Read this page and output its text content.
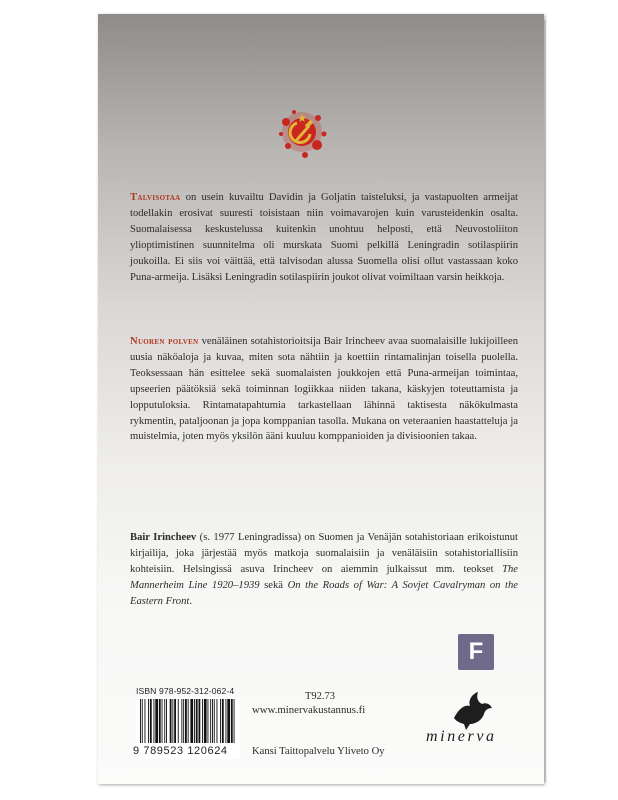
Talvisotaa on usein kuvailtu Davidin ja Goljatin taisteluksi, ja vastapuolten armeijat todellakin erosivat suuresti toisistaan niin voimavarojen kuin varusteidenkin osalta. Suomalaisessa keskustelussa kuitenkin unohtuu helposti, että Neuvostoliiton ylioptimistinen suunnitelma oli murskata Suomi pelkillä Leningradin sotilaspiirin joukoilla. Ei siis voi väittää, että talvisodan alussa Suomella olisi ollut vastassaan koko Puna-armeija. Lisäksi Leningradin sotilaspiirin joukot olivat voimiltaan varsin heikkoja.

Nuoren polven venäläinen sotahistorioitsija Bair Irincheev avaa suomalaisille lukijoilleen uusia näköaloja ja kuvaa, miten sota nähtiin ja koettiin rintamalinjan toisella puolella. Teoksessaan hän esittelee sekä suomalaisten joukkojen että Puna-armeijan toimintaa, upseerien päätöksiä sekä toiminnan logiikkaa niiden takana, käskyjen toteuttamista ja lopputuloksia. Rintamatapahtumia tarkastellaan lähinnä taktisesta näkökulmasta rykmentin, pataljoonan ja jopa komppanian tasolla. Mukana on veteraanien haastatteluja ja muistelmia, joten myös yksilön ääni kuuluu komppanioiden ja divisioonien takaa.

Bair Irincheev (s. 1977 Leningradissa) on Suomen ja Venäjän sotahistoriaan erikoistunut kirjailija, joka järjestää myös matkoja suomalaisiin ja venäläisiin sotahistoriallisiin kohteisiin. Helsingissä asuva Irincheev on aiemmin julkaissut mm. teokset The Mannerheim Line 1920–1939 sekä On the Roads of War: A Sovjet Cavalryman on the Eastern Front.

F
ISBN 978-952-312-062-4
9 789523 120624
T92.73
www.minervakustannus.fi
Kansi Taittopalvelu Yliveto Oy
minerva
